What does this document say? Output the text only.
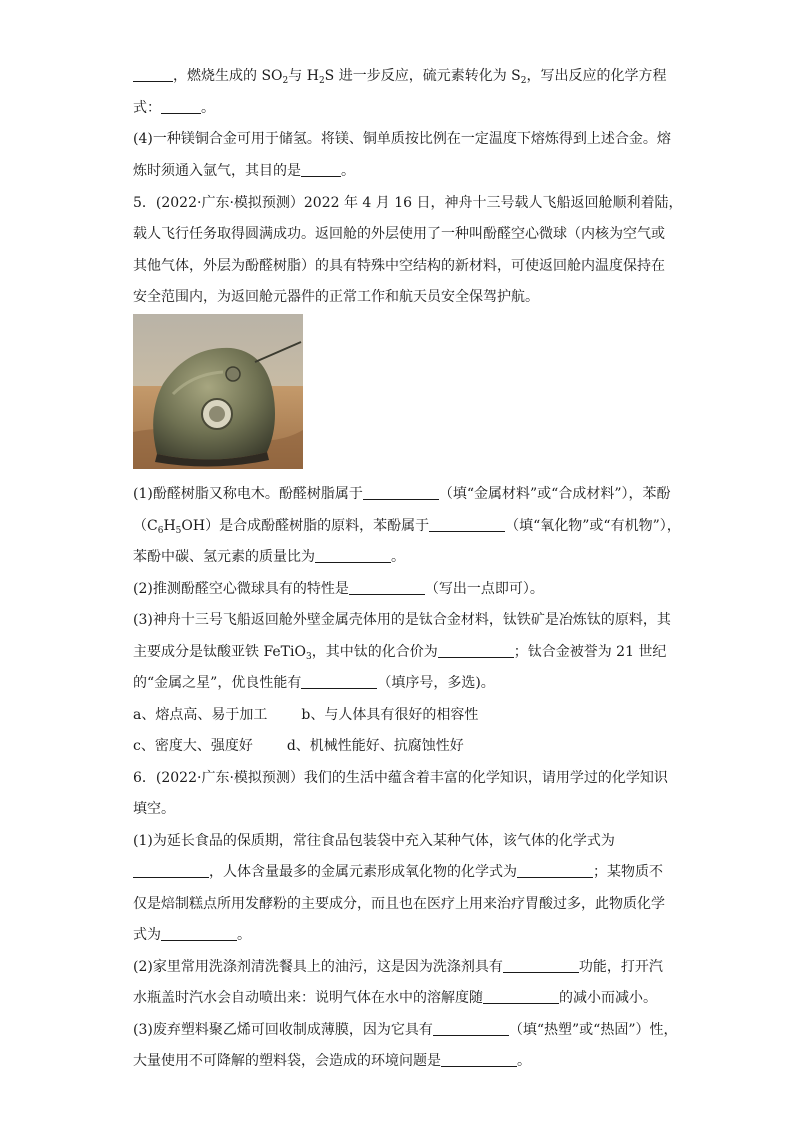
，燃烧生成的 $SO_2$与 $H_2S$ 进一步反应，硫元素转化为 $S_2$，写出反应的化学方程
式：	。
(4)一种镁铜合金可用于储氢。将镁、铜单质按比例在一定温度下熔炼得到上述合金。熔
炼时须通入氩气，其目的是	。
5．(2022·广东·模拟预测）2022 年 4 月 16 日，神舟十三号载人飞船返回舱顺利着陆，
载人飞行任务取得圆满成功。返回舱的外层使用了一种叫酚醛空心微球（内核为空气或
其他气体，外层为酚醛树脂）的具有特殊中空结构的新材料，可使返回舱内温度保持在
安全范围内，为返回舱元器件的正常工作和航天员安全保驾护航。
(1)酚醛树脂又称电木。酚醛树脂属于	（填“金属材料”或“合成材料”），苯酚
$(C_6H_5OH)$是合成酚醛树脂的原料，苯酚属于	（填“氧化物”或“有机物”），
苯酚中碳、氢元素的质量比为	。
(2)推测酚醛空心微球具有的特性是	（写出一点即可）。
(3)神舟十三号飞船返回舱外壁金属壳体用的是钛合金材料，钛铁矿是冶炼钛的原料，其
主要成分是钛酸亚铁 FeTiO$_3$，其中钛的化合价为	；钛合金被誉为 21 世纪
的“金属之星”，优良性能有	（填序号，多选)。
a、熔点高、易于加工 b、与人体具有很好的相容性
c、密度大、强度好 d、机械性能好、抗腐蚀性好
6．(2022·广东·模拟预测）我们的生活中蕴含着丰富的化学知识，请用学过的化学知识
填空。
(1)为延长食品的保质期，常往食品包装袋中充入某种气体，该气体的化学式为
，人体含量最多的金属元素形成氧化物的化学式为	；某物质不
仅是焙制糕点所用发酵粉的主要成分，而且也在医疗上用来治疗胃酸过多，此物质化学
式为	。
(2)家里常用洗涤剂清洗餐具上的油污，这是因为洗涤剂具有	功能，打开汽
水瓶盖时汽水会自动喷出来：说明气体在水中的溶解度随	的减小而减小。
(3)废弃塑料聚乙烯可回收制成薄膜，因为它具有	（填“热塑”或“热固”）性，
大量使用不可降解的塑料袋，会造成的环境问题是	。
